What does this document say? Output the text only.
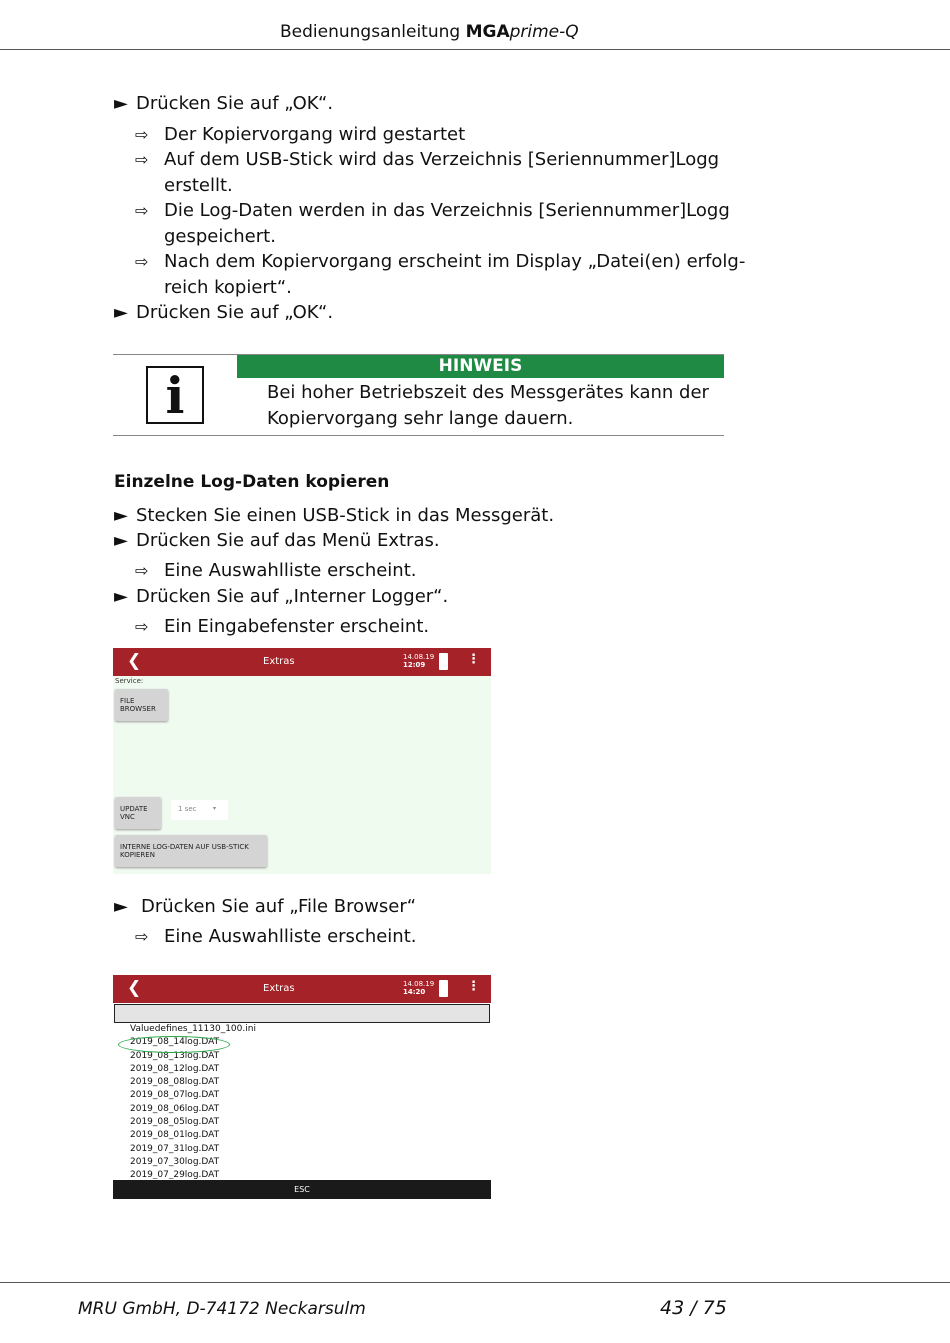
Bedienungsanleitung MGAprime-Q
► Drücken Sie auf „OK“.
⇨ Der Kopiervorgang wird gestartet
⇨ Auf dem USB-Stick wird das Verzeichnis [Seriennummer]Logg
erstellt.
⇨ Die Log-Daten werden in das Verzeichnis [Seriennummer]Logg
gespeichert.
⇨ Nach dem Kopiervorgang erscheint im Display „Datei(en) erfolg-
reich kopiert“.
► Drücken Sie auf „OK“.
HINWEIS
i	Bei hoher Betriebszeit des Messgerätes kann der
Kopiervorgang sehr lange dauern.
Einzelne Log-Daten kopieren
► Stecken Sie einen USB-Stick in das Messgerät.
► Drücken Sie auf das Menü Extras.
⇨ Eine Auswahlliste erscheint.
► Drücken Sie auf „Interner Logger“.
⇨ Ein Eingabefenster erscheint.
❮	Extras	14.08.19
12:09	⋮
Service:
FILE BROWSER
UPDATE VNC
1 sec	▾
INTERNE LOG-DATEN AUF USB-STICK KOPIEREN
► Drücken Sie auf „File Browser“
⇨ Eine Auswahlliste erscheint.
❮	Extras	14.08.19
14:20	⋮
Valuedefines_11130_100.ini
2019_08_14log.DAT
2019_08_13log.DAT
2019_08_12log.DAT
2019_08_08log.DAT
2019_08_07log.DAT
2019_08_06log.DAT
2019_08_05log.DAT
2019_08_01log.DAT
2019_07_31log.DAT
2019_07_30log.DAT
2019_07_29log.DAT
ESC
MRU GmbH, D-74172 Neckarsulm	43 / 75
